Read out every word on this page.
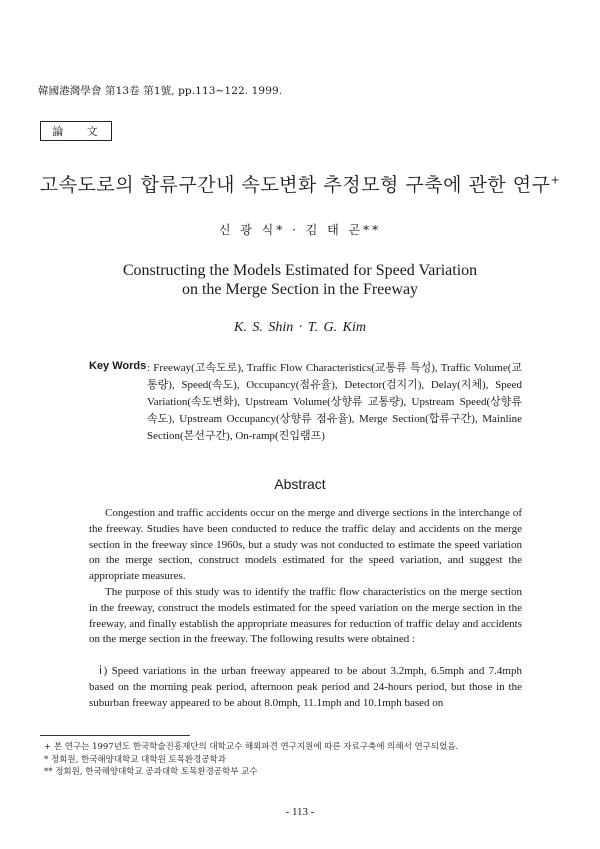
韓國港灣學會 第13卷 第1號, pp.113∼122. 1999.
論 文
고속도로의 합류구간내 속도변화 추정모형 구축에 관한 연구+
신 광 식* · 김 태 곤**
Constructing the Models Estimated for Speed Variation
on the Merge Section in the Freeway
K. S. Shin · T. G. Kim
Key Words : Freeway(고속도로), Traffic Flow Characteristics(교통류 특성), Traffic Volume(교통량), Speed(속도), Occupancy(점유율), Detector(검지기), Delay(지체), Speed Variation(속도변화), Upstream Volume(상향류 교통량), Upstream Speed(상향류 속도), Upstream Occupancy(상향류 점유율), Merge Section(합류구간), Mainline Section(본선구간), On-ramp(진입램프)
Abstract

Congestion and traffic accidents occur on the merge and diverge sections in the interchange of the freeway. Studies have been conducted to reduce the traffic delay and accidents on the merge section in the freeway since 1960s, but a study was not conducted to estimate the speed variation on the merge section, construct models estimated for the speed variation, and suggest the appropriate measures.

The purpose of this study was to identify the traffic flow characteristics on the merge section in the freeway, construct the models estimated for the speed variation on the merge section in the freeway, and finally establish the appropriate measures for reduction of traffic delay and accidents on the merge section in the freeway. The following results were obtained :

ⅰ) Speed variations in the urban freeway appeared to be about 3.2mph, 6.5mph and 7.4mph based on the morning peak period, afternoon peak period and 24-hours period, but those in the suburban freeway appeared to be about 8.0mph, 11.1mph and 10.1mph based on

+ 본 연구는 1997년도 한국학술진흥재단의 대학교수 해외파견 연구지원에 따른 자료구축에 의해서 연구되었음.
* 정회원, 한국해양대학교 대학원 토목환경공학과
** 정회원, 한국해양대학교 공과대학 토목환경공학부 교수
- 113 -
